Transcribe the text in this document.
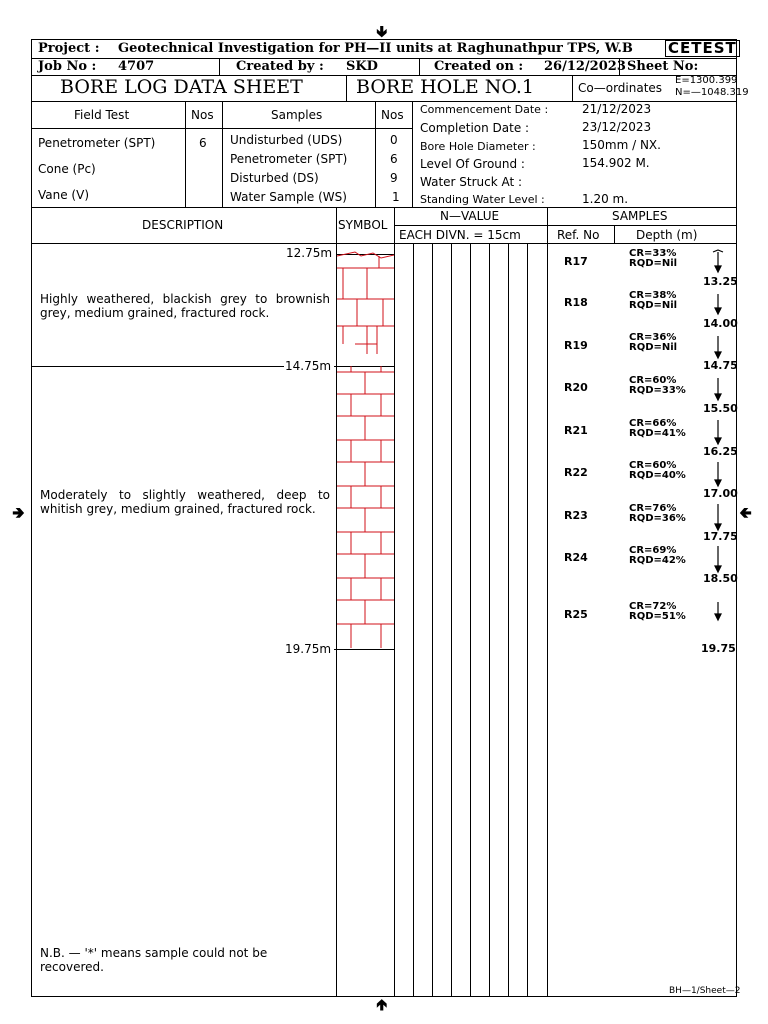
🢃
🢁
🢂	🢀
Project : Geotechnical Investigation for PH—II units at Raghunathpur TPS, W.B CETEST
Job No : 4707	Created by : SKD	Created on : 26/12/2023 Sheet No:
BORE LOG DATA SHEET	BORE HOLE NO.1	Co—ordinates
E=1300.399
N=—1048.319
Field Test	Nos	Samples	Nos
Penetrometer (SPT)	6
Cone (Pc)
Vane (V)
Undisturbed (UDS)	0
Penetrometer (SPT)	6
Disturbed (DS)	9
Water Sample (WS)	1
Commencement Date :	21/12/2023
Completion Date :	23/12/2023
Bore Hole Diameter :	150mm / NX.
Level Of Ground :	154.902 M.
Water Struck At :
Standing Water Level :	1.20 m.
DESCRIPTION	SYMBOL
N—VALUE
EACH DIVN. = 15cm
SAMPLES
Ref. No	Depth (m)
12.75m
Highly weathered, blackish grey to brownish grey, medium grained, fractured rock.
14.75m
Moderately to slightly weathered, deep to whitish grey, medium grained, fractured rock.
19.75m
N.B. — '*' means sample could not be recovered.
R17
CR=33%
RQD=Nil
13.25
R18
CR=38%
RQD=Nil
14.00
R19
CR=36%
RQD=Nil
14.75
R20
CR=60%
RQD=33%
15.50
R21
CR=66%
RQD=41%
16.25
R22
CR=60%
RQD=40%
17.00
R23
CR=76%
RQD=36%
17.75
R24
CR=69%
RQD=42%
18.50
R25
CR=72%
RQD=51%
19.75
BH—1/Sheet—2
